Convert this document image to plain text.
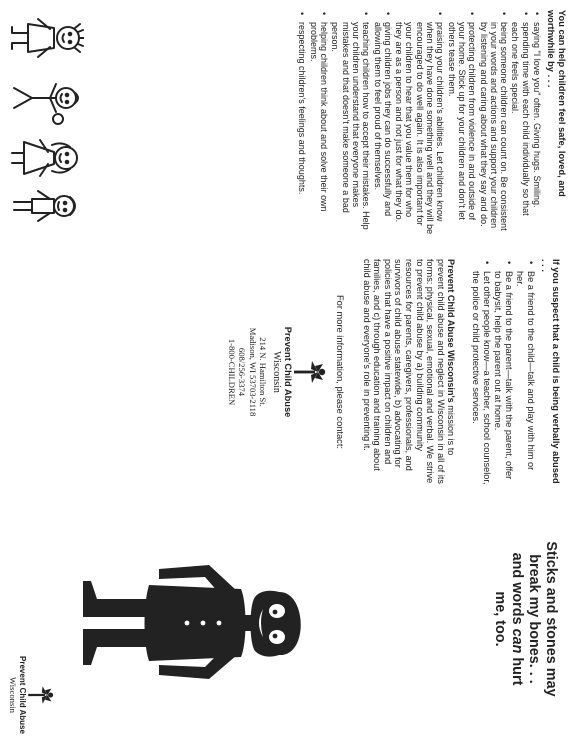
You can help children feel safe, loved, and worthwhile by . . .

• saying "I love you" often. Giving hugs. Smiling.
• spending time with each child individually so that each one feels special.
• being someone children can count on. Be consistent in your words and actions and support your children by listening and caring about what they say and do.
• protecting children from violence in and outside of your home. Stick up for your children and don't let others tease them.
• praising your children's abilities. Let children know when they have done something well and they will be encouraged to do well again. It is also important for your children to hear that you value them for who they are as a person and not just for what they do.
• giving children jobs they can do successfully and allowing them to feel proud of themselves.
• teaching children how to accept their mistakes. Help your children understand that everyone makes mistakes and that doesn't make someone a bad person.
• helping children think about and solve their own problems.
• respecting children's feelings and thoughts.

If you suspect that a child is being verbally abused . . .

• Be a friend to the child—talk and play with him or her.
• Be a friend to the parent—talk with the parent, offer to babysit, help the parent out at home.
• Let other people know—a teacher, school counselor, the police or child protective services.

Prevent Child Abuse Wisconsin's mission is to prevent child abuse and neglect in Wisconsin in all of its forms: physical, sexual, emotional and verbal. We strive to prevent child abuse by a) building community resources for parents, caregivers, professionals, and survivors of child abuse statewide, b) advocating for policies that have a positive impact on children and families, and c) through education and training about child abuse and everyone's role in preventing it.

For more information, please contact:

Prevent Child Abuse
Wisconsin
214 N. Hamilton St.
Madison, WI 53703-2118
608/256-3374
1-800-CHILDREN
Sticks and stones may
break my bones. . .
and words can hurt
me, too.
Prevent Child Abuse
Wisconsin
